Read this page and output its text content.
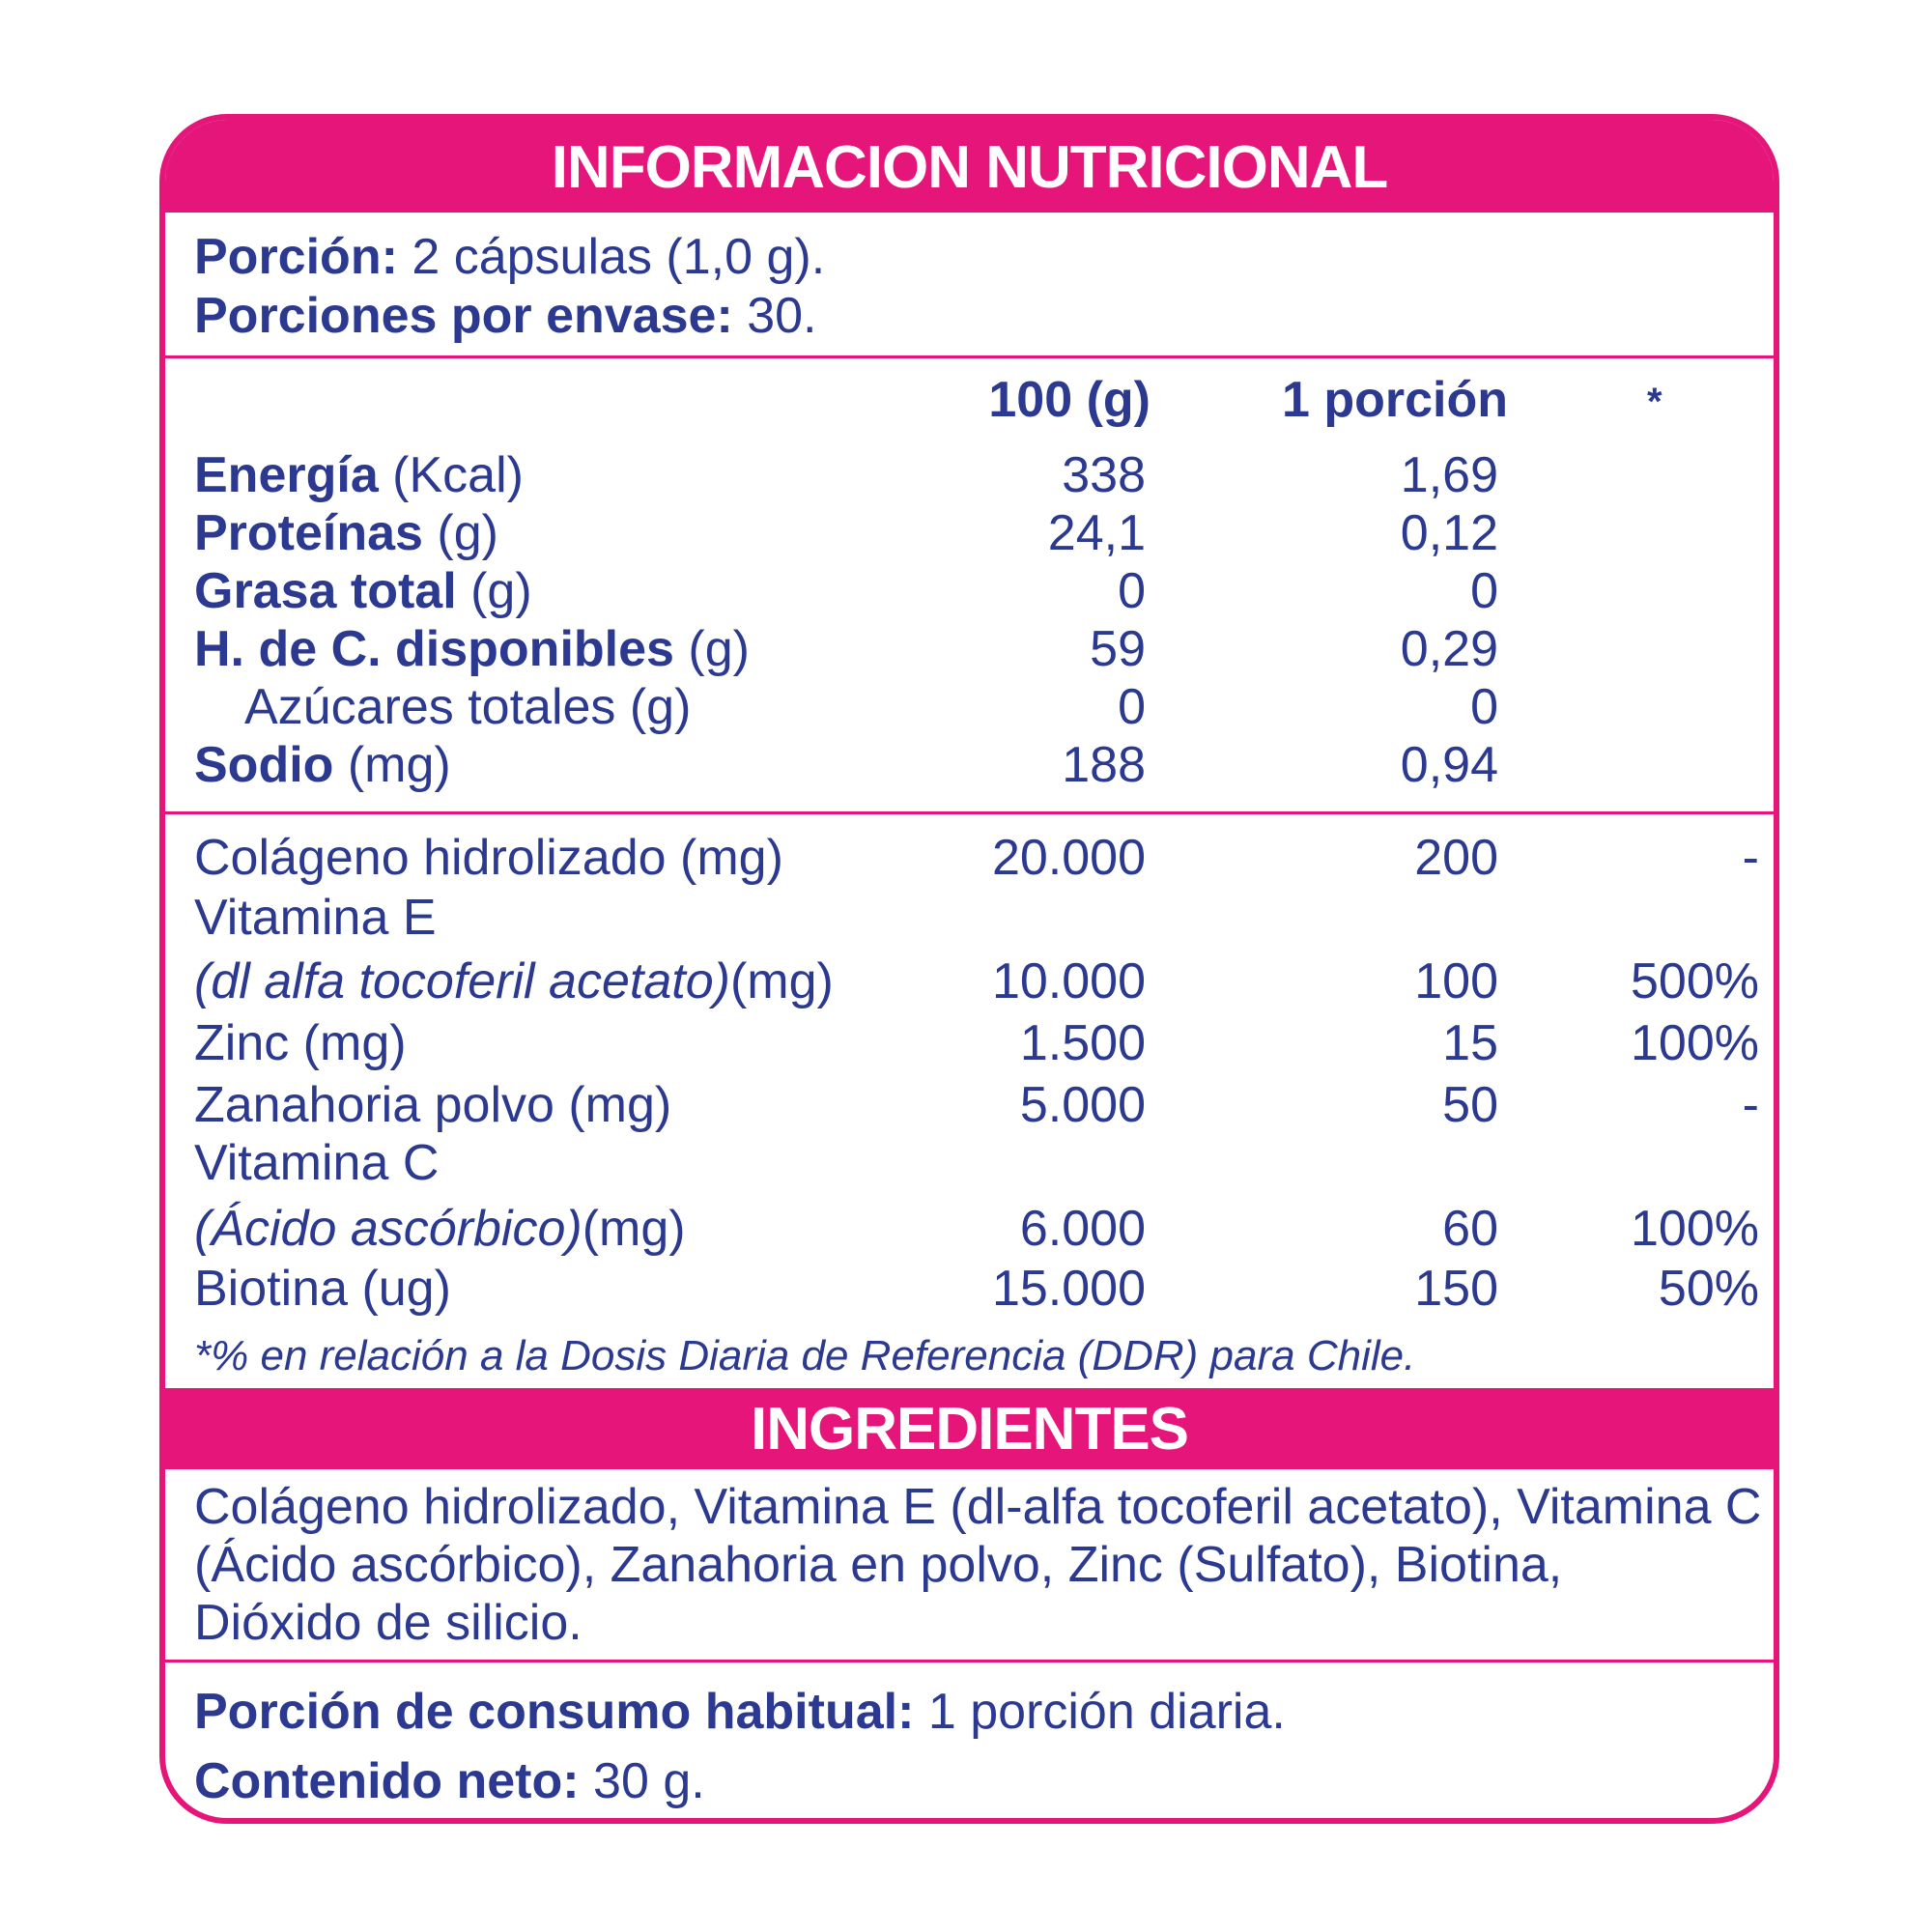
INFORMACION NUTRICIONAL
Porción: 2 cápsulas (1,0 g).
Porciones por envase: 30.
100 (g)	1 porción	*
Energía (Kcal)	338	1,69
Proteínas (g)	24,1	0,12
Grasa total (g)	0	0
H. de C. disponibles (g)	59	0,29
Azúcares totales (g)	0	0
Sodio (mg)	188	0,94
Colágeno hidrolizado (mg)	20.000	200	-
Vitamina E
(dl alfa tocoferil acetato)(mg)	10.000	100	500%
Zinc (mg)	1.500	15	100%
Zanahoria polvo (mg)	5.000	50	-
Vitamina C
(Ácido ascórbico)(mg)	6.000	60	100%
Biotina (ug)	15.000	150	50%
*% en relación a la Dosis Diaria de Referencia (DDR) para Chile.
INGREDIENTES
Colágeno hidrolizado, Vitamina E (dl-alfa tocoferil acetato), Vitamina C
(Ácido ascórbico), Zanahoria en polvo, Zinc (Sulfato), Biotina,
Dióxido de silicio.
Porción de consumo habitual: 1 porción diaria.
Contenido neto: 30 g.
